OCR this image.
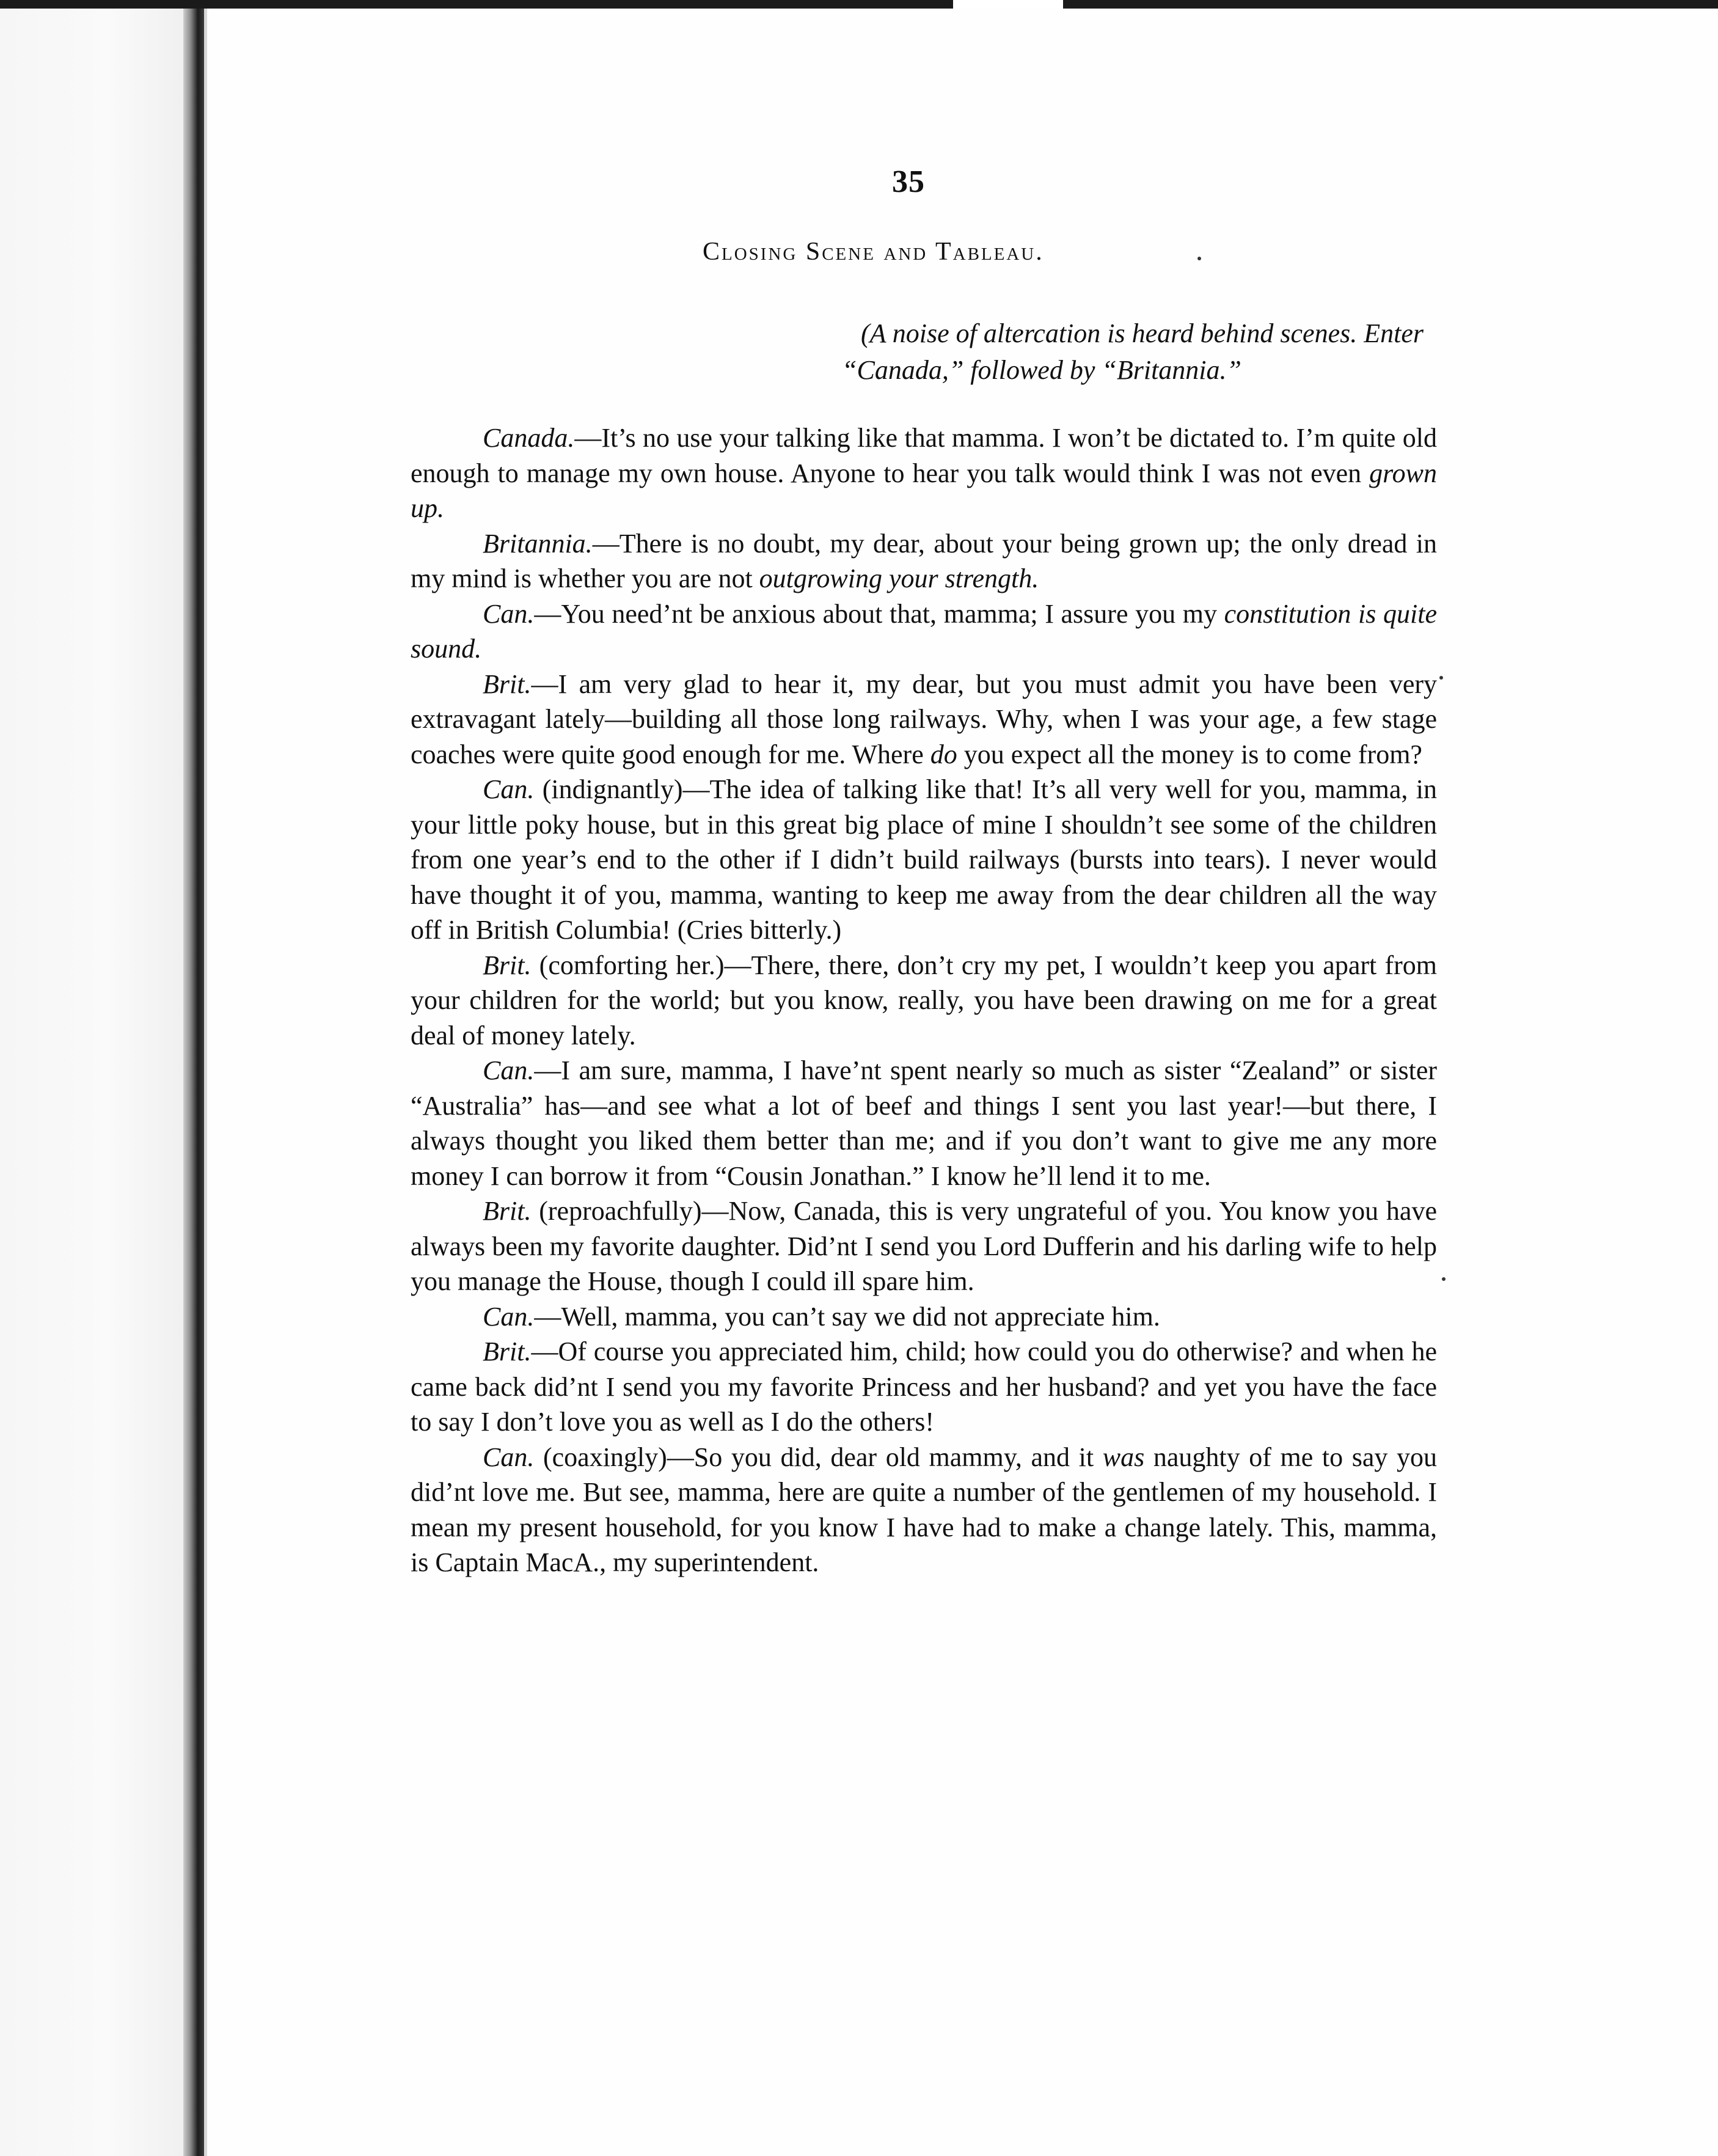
35
Closing Scene and Tableau.
(A noise of altercation is heard behind scenes. Enter
“Canada,” followed by “Britannia.”

Canada.—It’s no use your talking like that mamma. I won’t be dictated to. I’m quite old enough to manage my own house. Anyone to hear you talk would think I was not even grown up.

Britannia.—There is no doubt, my dear, about your being grown up; the only dread in my mind is whether you are not outgrowing your strength.

Can.—You need’nt be anxious about that, mamma; I assure you my constitution is quite sound.

Brit.—I am very glad to hear it, my dear, but you must admit you have been very extravagant lately—building all those long railways. Why, when I was your age, a few stage coaches were quite good enough for me. Where do you expect all the money is to come from?

Can. (indignantly)—The idea of talking like that! It’s all very well for you, mamma, in your little poky house, but in this great big place of mine I shouldn’t see some of the children from one year’s end to the other if I didn’t build railways (bursts into tears). I never would have thought it of you, mamma, wanting to keep me away from the dear children all the way off in British Columbia! (Cries bitterly.)

Brit. (comforting her.)—There, there, don’t cry my pet, I wouldn’t keep you apart from your children for the world; but you know, really, you have been drawing on me for a great deal of money lately.

Can.—I am sure, mamma, I have’nt spent nearly so much as sister “Zealand” or sister “Australia” has—and see what a lot of beef and things I sent you last year!—but there, I always thought you liked them better than me; and if you don’t want to give me any more money I can borrow it from “Cousin Jonathan.” I know he’ll lend it to me.

Brit. (reproachfully)—Now, Canada, this is very ungrateful of you. You know you have always been my favorite daughter. Did’nt I send you Lord Dufferin and his darling wife to help you manage the House, though I could ill spare him.

Can.—Well, mamma, you can’t say we did not appreciate him.

Brit.—Of course you appreciated him, child; how could you do otherwise? and when he came back did’nt I send you my favorite Princess and her husband? and yet you have the face to say I don’t love you as well as I do the others!

Can. (coaxingly)—So you did, dear old mammy, and it was naughty of me to say you did’nt love me. But see, mamma, here are quite a number of the gentlemen of my household. I mean my present household, for you know I have had to make a change lately. This, mamma, is Captain MacA., my superintendent.
